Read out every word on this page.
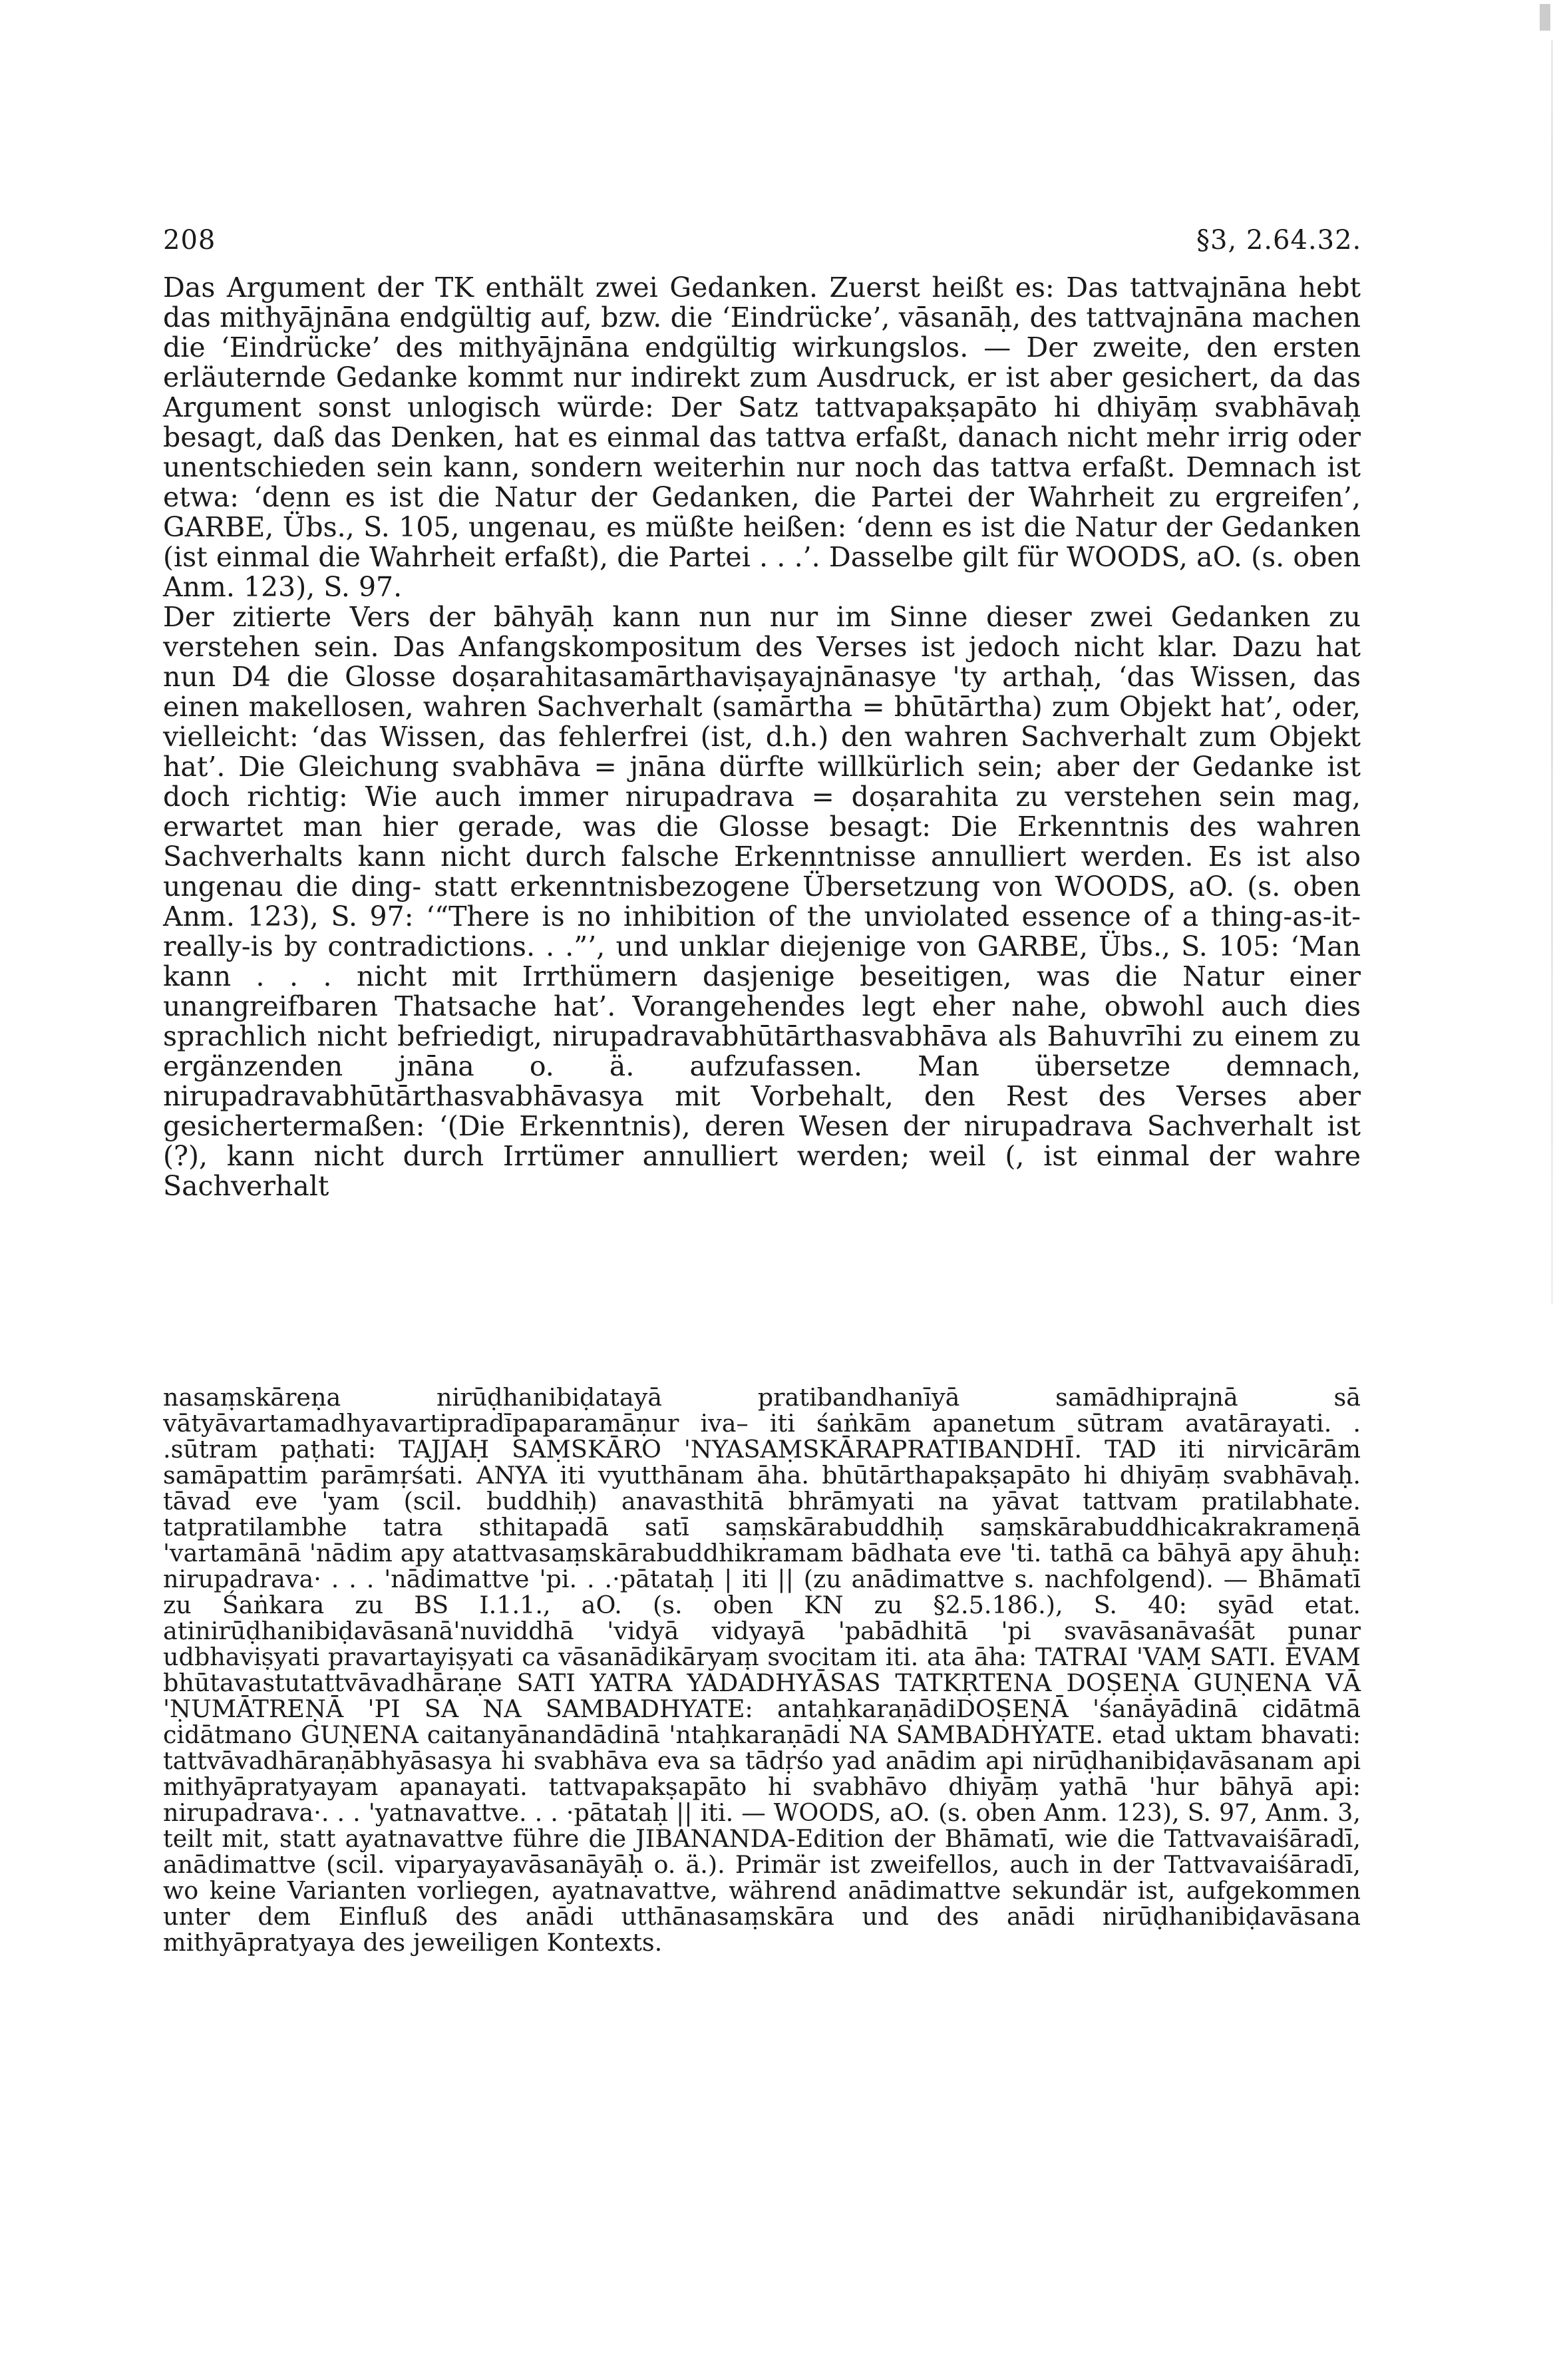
208	§3, 2.64.32.

Das Argument der TK enthält zwei Gedanken. Zuerst heißt es: Das tattvajnāna hebt das mithyājnāna endgültig auf, bzw. die ‘Eindrücke’, vāsanāḥ, des tattvajnāna machen die ‘Eindrücke’ des mithyājnāna endgültig wirkungslos. — Der zweite, den ersten erläuternde Gedanke kommt nur indirekt zum Ausdruck, er ist aber gesichert, da das Argument sonst unlogisch würde: Der Satz tattvapakṣapāto hi dhiyāṃ svabhāvaḥ besagt, daß das Denken, hat es einmal das tattva erfaßt, danach nicht mehr irrig oder unentschieden sein kann, sondern weiterhin nur noch das tattva erfaßt. Demnach ist etwa: ‘denn es ist die Natur der Gedanken, die Partei der Wahrheit zu ergreifen’, GARBE, Übs., S. 105, ungenau, es müßte heißen: ‘denn es ist die Natur der Gedanken (ist einmal die Wahrheit erfaßt), die Partei . . .’. Dasselbe gilt für WOODS, aO. (s. oben Anm. 123), S. 97.

Der zitierte Vers der bāhyāḥ kann nun nur im Sinne dieser zwei Gedanken zu verstehen sein. Das Anfangskompositum des Verses ist jedoch nicht klar. Dazu hat nun D4 die Glosse doṣarahitasamārthaviṣayajnānasye 'ty arthaḥ, ‘das Wissen, das einen makellosen, wahren Sachverhalt (samārtha = bhūtārtha) zum Objekt hat’, oder, vielleicht: ‘das Wissen, das fehlerfrei (ist, d.h.) den wahren Sachverhalt zum Objekt hat’. Die Gleichung svabhāva = jnāna dürfte willkürlich sein; aber der Gedanke ist doch richtig: Wie auch immer nirupadrava = doṣarahita zu verstehen sein mag, erwartet man hier gerade, was die Glosse besagt: Die Erkenntnis des wahren Sachverhalts kann nicht durch falsche Erkenntnisse annulliert werden. Es ist also ungenau die ding- statt erkenntnisbezogene Übersetzung von WOODS, aO. (s. oben Anm. 123), S. 97: ‘“There is no inhibition of the unviolated essence of a thing-as-it-really-is by contradictions. . .”’, und unklar diejenige von GARBE, Übs., S. 105: ‘Man kann . . . nicht mit Irrthümern dasjenige beseitigen, was die Natur einer unangreifbaren Thatsache hat’. Vorangehendes legt eher nahe, obwohl auch dies sprachlich nicht befriedigt, nirupadravabhūtārthasvabhāva als Bahuvrīhi zu einem zu ergänzenden jnāna o. ä. aufzufassen. Man übersetze demnach, nirupadravabhūtārthasvabhāvasya mit Vorbehalt, den Rest des Verses aber gesichertermaßen: ‘(Die Erkenntnis), deren Wesen der nirupadrava Sachverhalt ist (?), kann nicht durch Irrtümer annulliert werden; weil (, ist einmal der wahre Sachverhalt

nasaṃskāreṇa nirūḍhanibiḍatayā pratibandhanīyā samādhiprajnā sā vātyāvartamadhyavartipradīpaparamāṇur iva– iti śaṅkām apanetum sūtram avatārayati. . .sūtram paṭhati: TAJJAḤ SAṂSKĀRO 'NYASAṂSKĀRAPRATIBANDHĪ. TAD iti nirvicārām samāpattim parāmṛśati. ANYA iti vyutthānam āha. bhūtārthapakṣapāto hi dhiyāṃ svabhāvaḥ. tāvad eve 'yam (scil. buddhiḥ) anavasthitā bhrāmyati na yāvat tattvam pratilabhate. tatpratilambhe tatra sthitapadā satī saṃskārabuddhiḥ saṃskārabuddhicakrakrameṇā 'vartamānā 'nādim apy atattvasaṃskārabuddhikramam bādhata eve 'ti. tathā ca bāhyā apy āhuḥ: nirupadrava· . . . 'nādimattve 'pi. . .·pātataḥ | iti || (zu anādimattve s. nachfolgend). — Bhāmatī zu Śaṅkara zu BS I.1.1., aO. (s. oben KN zu §2.5.186.), S. 40: syād etat. atinirūḍhanibiḍavāsanā'nuviddhā 'vidyā vidyayā 'pabādhitā 'pi svavāsanāvaśāt punar udbhaviṣyati pravartayiṣyati ca vāsanādikāryaṃ svocitam iti. ata āha: TATRAI 'VAṂ SATI. EVAM bhūtavastutattvāvadhāraṇe SATI YATRA YADADHYĀSAS TATKṚTENA DOṢEṆA GUṆENA VĀ 'ṆUMĀTREṆĀ 'PI SA NA SAMBADHYATE: antaḥkaraṇādiDOṢEṆĀ 'śanāyādinā cidātmā cidātmano GUṆENA caitanyānandādinā 'ntaḥkaraṇādi NA SAMBADHYATE. etad uktam bhavati: tattvāvadhāraṇābhyāsasya hi svabhāva eva sa tādṛśo yad anādim api nirūḍhanibiḍavāsanam api mithyāpratyayam apanayati. tattvapakṣapāto hi svabhāvo dhiyāṃ yathā 'hur bāhyā api: nirupadrava·. . . 'yatnavattve. . . ·pātataḥ || iti. — WOODS, aO. (s. oben Anm. 123), S. 97, Anm. 3, teilt mit, statt ayatnavattve führe die JIBANANDA-Edition der Bhāmatī, wie die Tattvavaiśāradī, anādimattve (scil. viparyayavāsanāyāḥ o. ä.). Primär ist zweifellos, auch in der Tattvavaiśāradī, wo keine Varianten vorliegen, ayatnavattve, während anādimattve sekundär ist, aufgekommen unter dem Einfluß des anādi utthānasaṃskāra und des anādi nirūḍhanibiḍavāsana mithyāpratyaya des jeweiligen Kontexts.
